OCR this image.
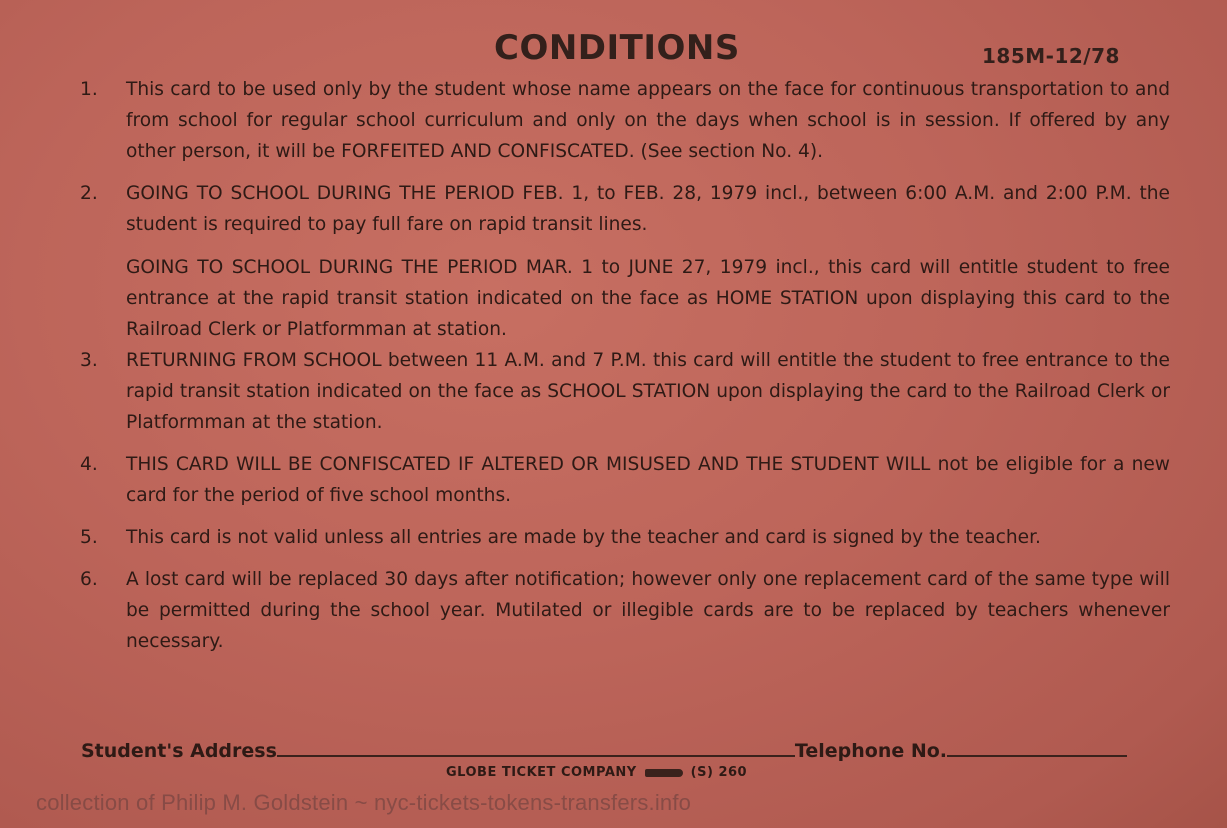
CONDITIONS	185M-12/78
1.	This card to be used only by the student whose name appears on the face for continuous transportation to and from school for regular school curriculum and only on the days when school is in session. If offered by any other person, it will be FORFEITED AND CONFISCATED. (See section No. 4).
2.	GOING TO SCHOOL DURING THE PERIOD FEB. 1, to FEB. 28, 1979 incl., between 6:00 A.M. and 2:00 P.M. the student is required to pay full fare on rapid transit lines.
GOING TO SCHOOL DURING THE PERIOD MAR. 1 to JUNE 27, 1979 incl., this card will entitle student to free entrance at the rapid transit station indicated on the face as HOME STATION upon displaying this card to the Railroad Clerk or Platformman at station.
3.	RETURNING FROM SCHOOL between 11 A.M. and 7 P.M. this card will entitle the student to free entrance to the rapid transit station indicated on the face as SCHOOL STATION upon displaying the card to the Railroad Clerk or Platformman at the station.
4.	THIS CARD WILL BE CONFISCATED IF ALTERED OR MISUSED AND THE STUDENT WILL not be eligible for a new card for the period of five school months.
5.	This card is not valid unless all entries are made by the teacher and card is signed by the teacher.
6.	A lost card will be replaced 30 days after notification; however only one replacement card of the same type will be permitted during the school year. Mutilated or illegible cards are to be replaced by teachers whenever necessary.
Student's Address	Telephone No.
GLOBE TICKET COMPANY	(S) 260
collection of Philip M. Goldstein ~ nyc-tickets-tokens-transfers.info
